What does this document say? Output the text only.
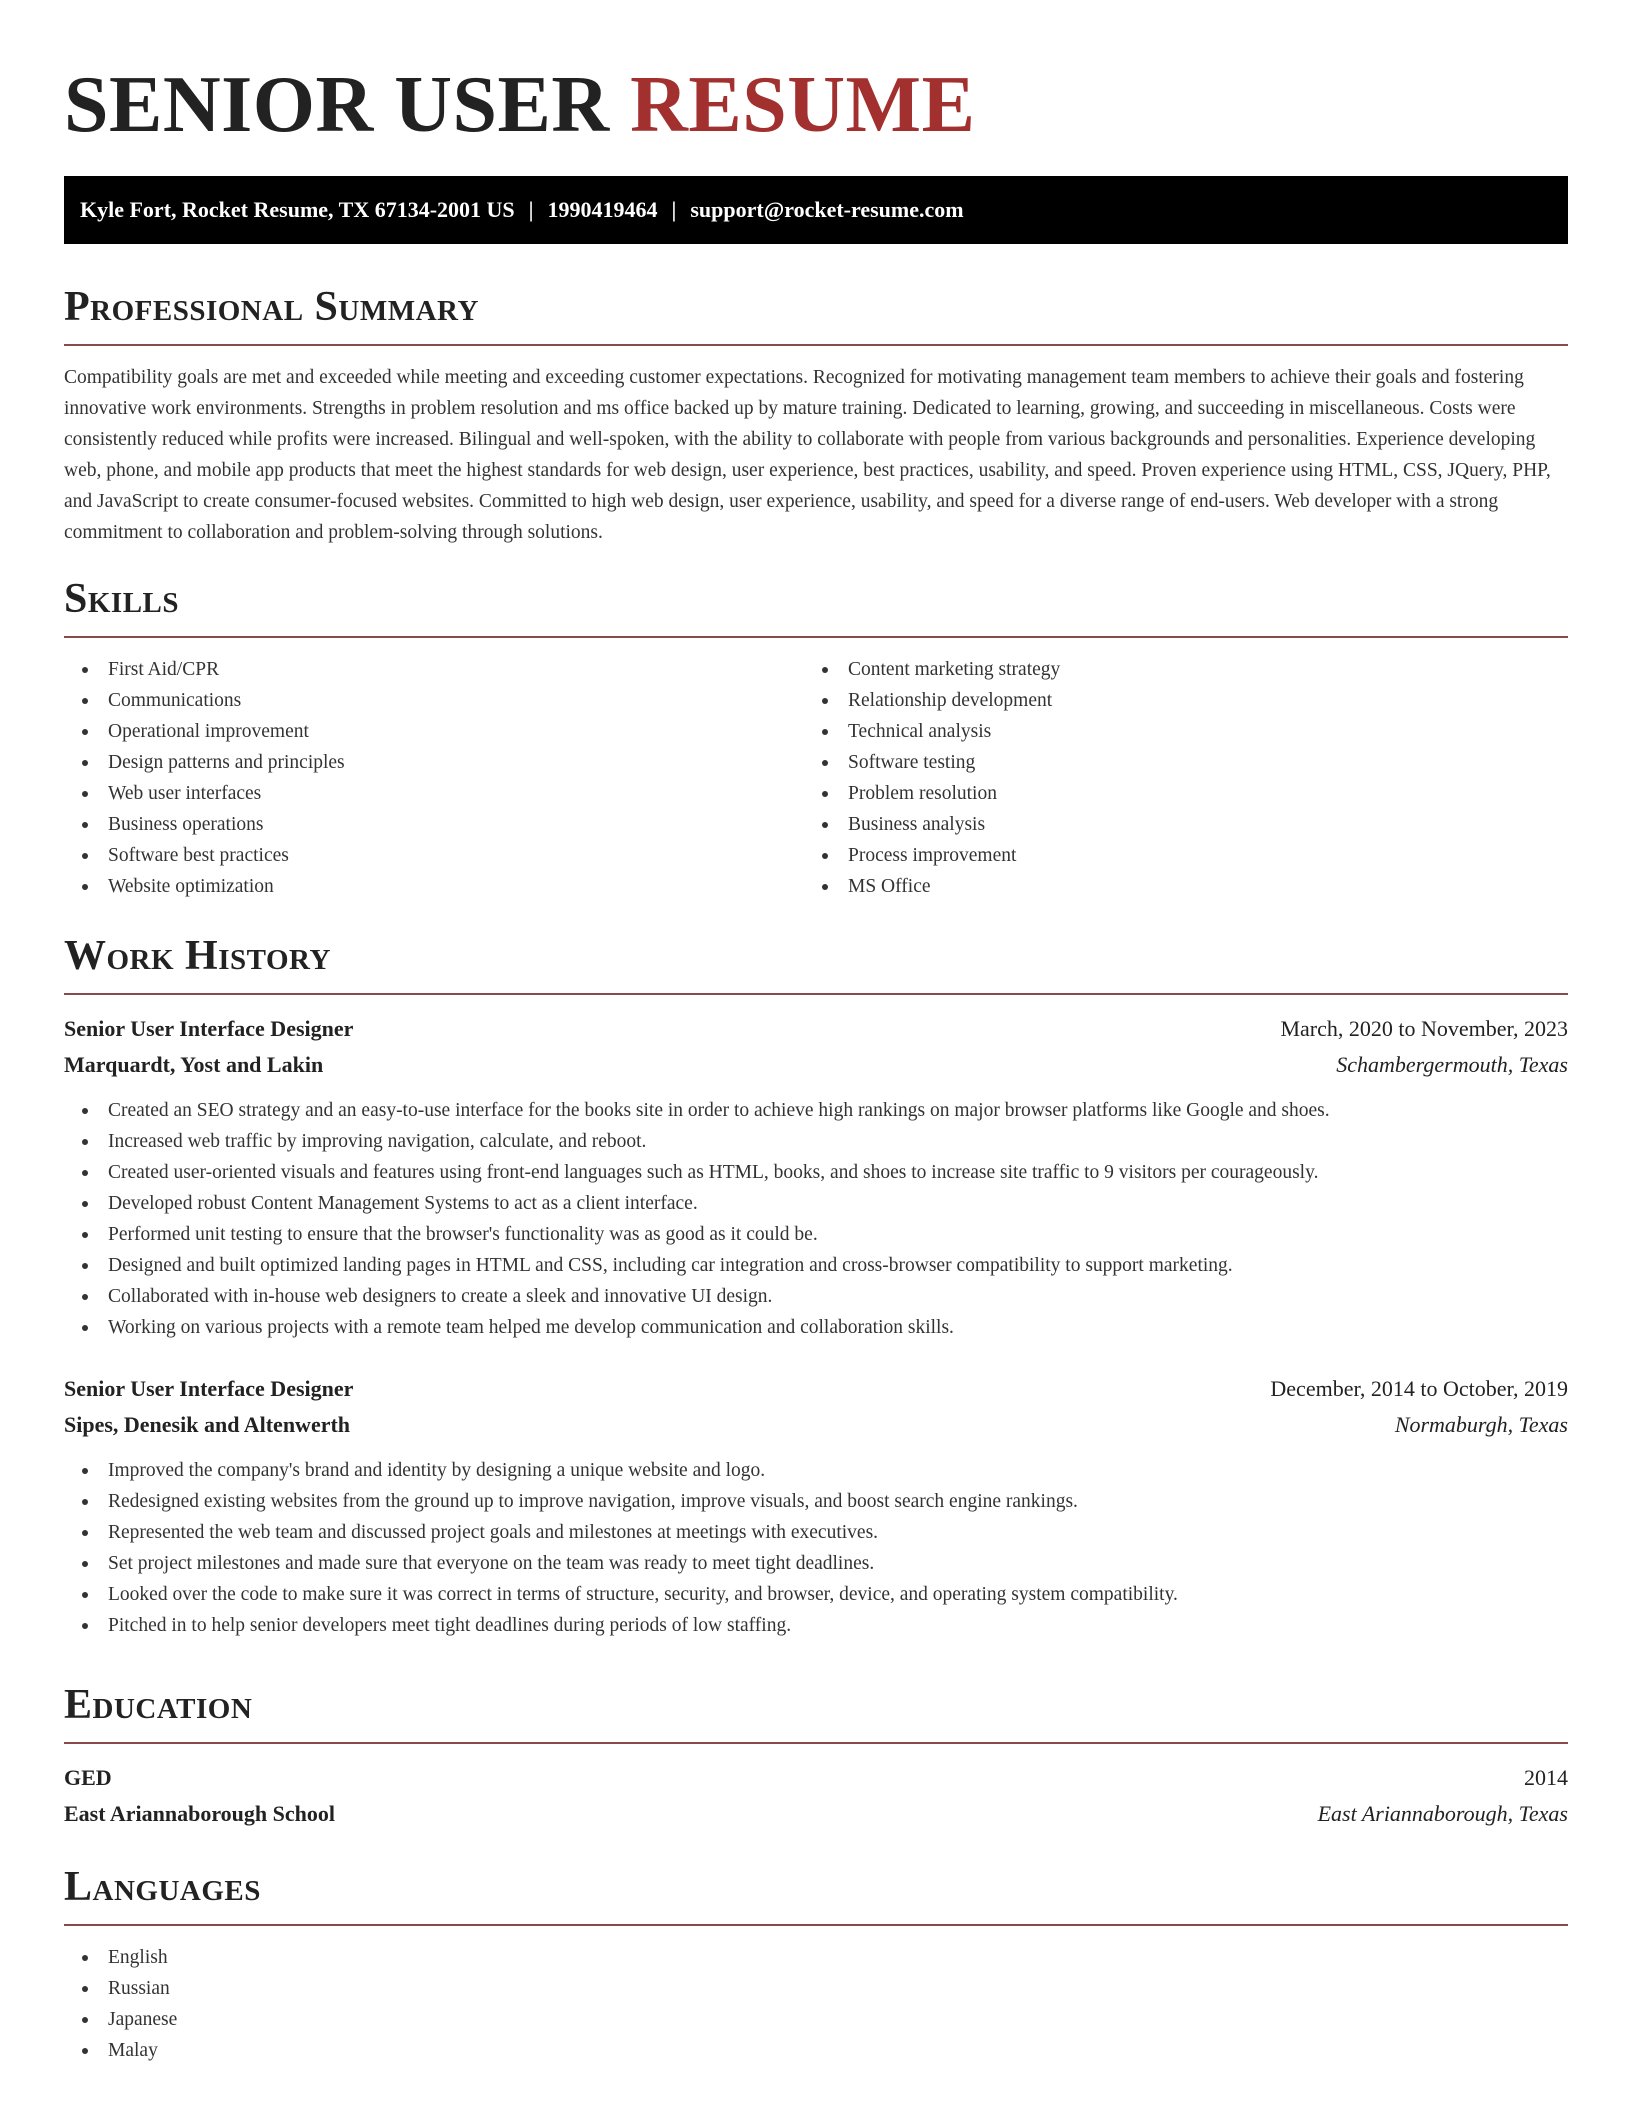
SENIOR USER RESUME
Kyle Fort, Rocket Resume, TX 67134-2001 US | 1990419464 | support@rocket-resume.com
Professional Summary

Compatibility goals are met and exceeded while meeting and exceeding customer expectations. Recognized for motivating management team members to achieve their goals and fostering innovative work environments. Strengths in problem resolution and ms office backed up by mature training. Dedicated to learning, growing, and succeeding in miscellaneous. Costs were consistently reduced while profits were increased. Bilingual and well-spoken, with the ability to collaborate with people from various backgrounds and personalities. Experience developing web, phone, and mobile app products that meet the highest standards for web design, user experience, best practices, usability, and speed. Proven experience using HTML, CSS, JQuery, PHP, and JavaScript to create consumer-focused websites. Committed to high web design, user experience, usability, and speed for a diverse range of end-users. Web developer with a strong commitment to collaboration and problem-solving through solutions.

Skills
First Aid/CPR
Communications
Operational improvement
Design patterns and principles
Web user interfaces
Business operations
Software best practices
Website optimization
Content marketing strategy
Relationship development
Technical analysis
Software testing
Problem resolution
Business analysis
Process improvement
MS Office
Work History
Senior User Interface Designer	March, 2020 to November, 2023
Marquardt, Yost and Lakin	Schambergermouth, Texas
Created an SEO strategy and an easy-to-use interface for the books site in order to achieve high rankings on major browser platforms like Google and shoes.
Increased web traffic by improving navigation, calculate, and reboot.
Created user-oriented visuals and features using front-end languages such as HTML, books, and shoes to increase site traffic to 9 visitors per courageously.
Developed robust Content Management Systems to act as a client interface.
Performed unit testing to ensure that the browser's functionality was as good as it could be.
Designed and built optimized landing pages in HTML and CSS, including car integration and cross-browser compatibility to support marketing.
Collaborated with in-house web designers to create a sleek and innovative UI design.
Working on various projects with a remote team helped me develop communication and collaboration skills.
Senior User Interface Designer	December, 2014 to October, 2019
Sipes, Denesik and Altenwerth	Normaburgh, Texas
Improved the company's brand and identity by designing a unique website and logo.
Redesigned existing websites from the ground up to improve navigation, improve visuals, and boost search engine rankings.
Represented the web team and discussed project goals and milestones at meetings with executives.
Set project milestones and made sure that everyone on the team was ready to meet tight deadlines.
Looked over the code to make sure it was correct in terms of structure, security, and browser, device, and operating system compatibility.
Pitched in to help senior developers meet tight deadlines during periods of low staffing.
Education
GED	2014
East Ariannaborough School	East Ariannaborough, Texas
Languages
English
Russian
Japanese
Malay
